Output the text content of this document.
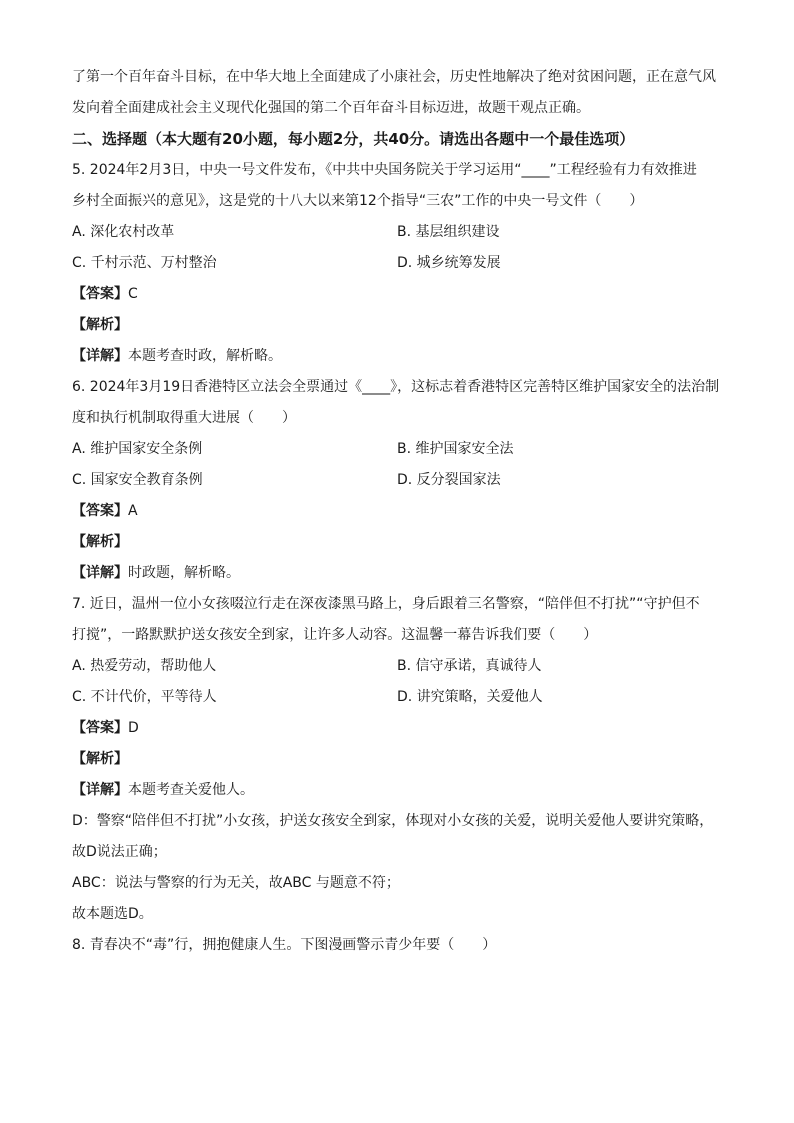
了第一个百年奋斗目标，在中华大地上全面建成了小康社会，历史性地解决了绝对贫困问题，正在意气风
发向着全面建成社会主义现代化强国的第二个百年奋斗目标迈进，故题干观点正确。
二、选择题（本大题有20小题，每小题2分，共40分。请选出各题中一个最佳选项）
5. 2024年2月3日，中央一号文件发布，《中共中央国务院关于学习运用“____”工程经验有力有效推进
乡村全面振兴的意见》，这是党的十八大以来第12个指导“三农”工作的中央一号文件（　　）
A. 深化农村改革	B. 基层组织建设
C. 千村示范、万村整治	D. 城乡统筹发展
【答案】C
【解析】
【详解】本题考查时政，解析略。
6. 2024年3月19日香港特区立法会全票通过《____》，这标志着香港特区完善特区维护国家安全的法治制
度和执行机制取得重大进展（　　）
A. 维护国家安全条例	B. 维护国家安全法
C. 国家安全教育条例	D. 反分裂国家法
【答案】A
【解析】
【详解】时政题，解析略。
7. 近日，温州一位小女孩啜泣行走在深夜漆黑马路上，身后跟着三名警察，“陪伴但不打扰”“守护但不
打搅”，一路默默护送女孩安全到家，让许多人动容。这温馨一幕告诉我们要（　　）
A. 热爱劳动，帮助他人	B. 信守承诺，真诚待人
C. 不计代价，平等待人	D. 讲究策略，关爱他人
【答案】D
【解析】
【详解】本题考查关爱他人。
D：警察“陪伴但不打扰”小女孩，护送女孩安全到家，体现对小女孩的关爱，说明关爱他人要讲究策略，
故D说法正确；
ABC：说法与警察的行为无关，故ABC 与题意不符；
故本题选D。
8. 青春决不“毒”行，拥抱健康人生。下图漫画警示青少年要（　　）
